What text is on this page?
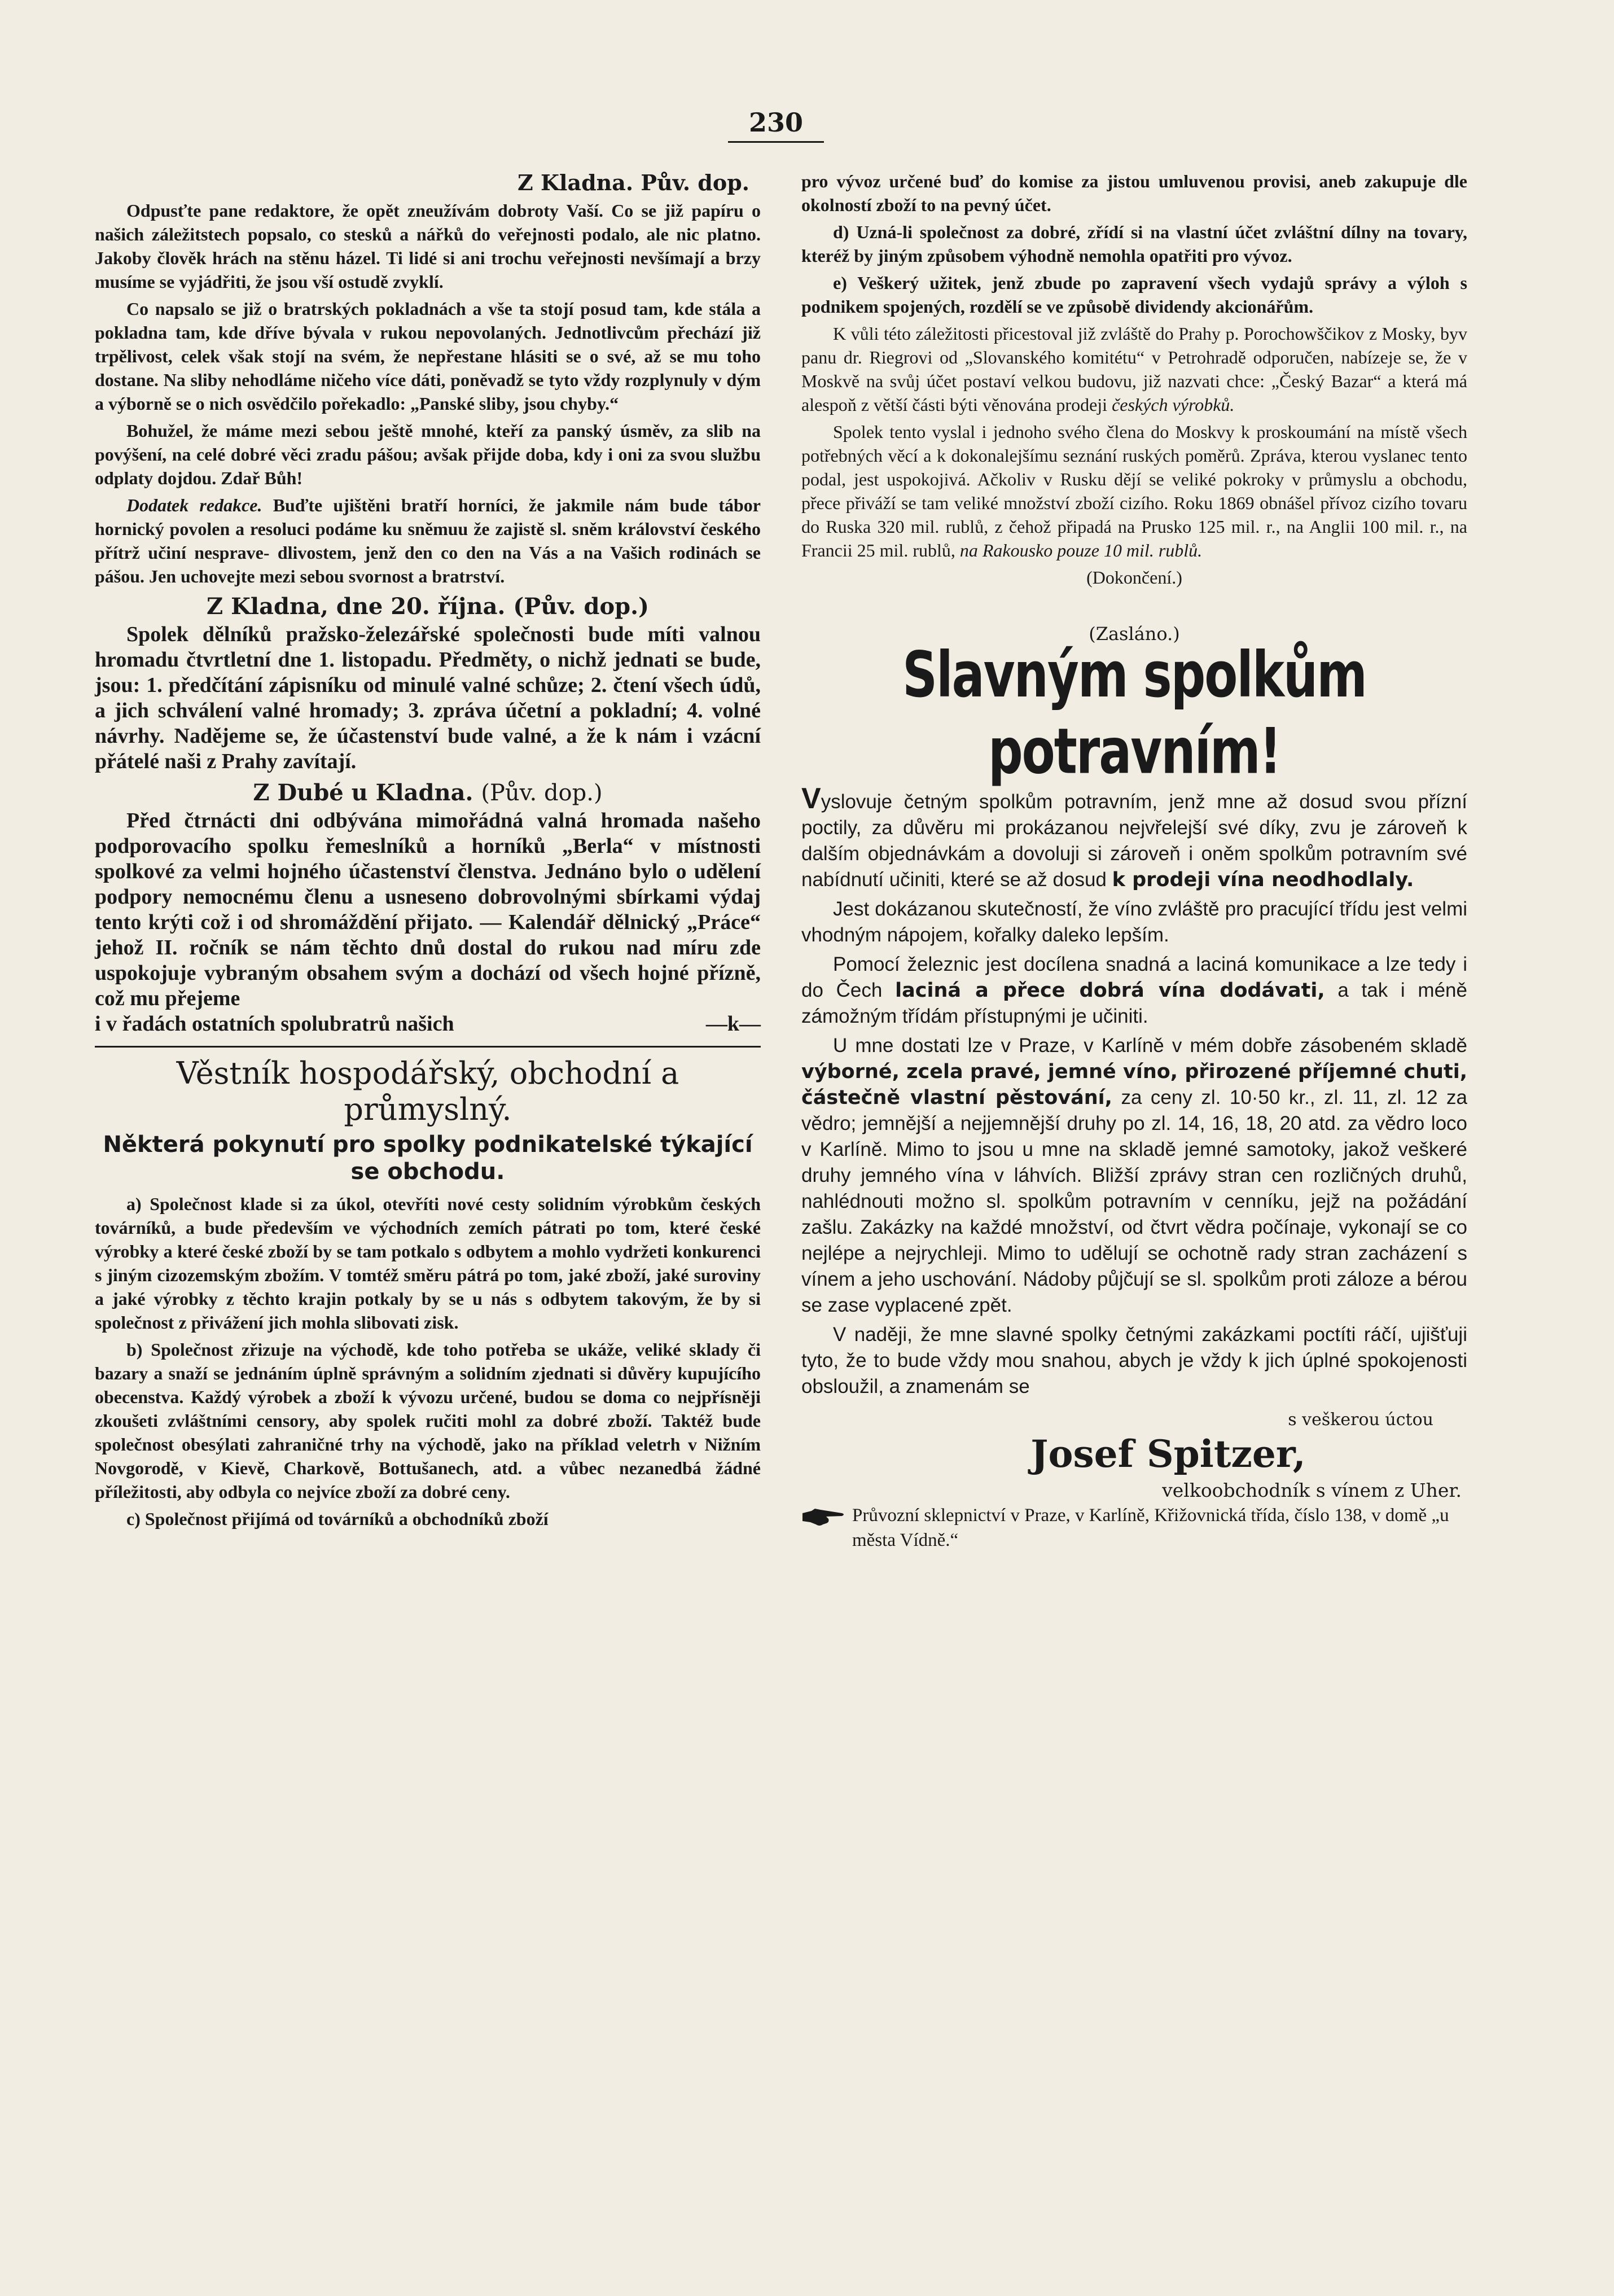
230
Z Kladna. Pův. dop.

Odpusťte pane redaktore, že opět zneužívám dobroty Vaší. Co se již papíru o našich záležitstech popsalo, co stesků a nářků do veřejnosti podalo, ale nic platno. Jakoby člověk hrách na stěnu házel. Ti lidé si ani trochu veřejnosti nevšímají a brzy musíme se vyjádřiti, že jsou vší ostudě zvyklí.

Co napsalo se již o bratrských pokladnách a vše ta stojí posud tam, kde stála a pokladna tam, kde dříve bývala v rukou nepovolaných. Jednotlivcům přechází již trpělivost, celek však stojí na svém, že nepřestane hlásiti se o své, až se mu toho dostane. Na sliby nehodláme ničeho více dáti, poněvadž se tyto vždy rozplynuly v dým a výborně se o nich osvědčilo pořekadlo: „Panské sliby, jsou chyby.“

Bohužel, že máme mezi sebou ještě mnohé, kteří za panský úsměv, za slib na povýšení, na celé dobré věci zradu pášou; avšak přijde doba, kdy i oni za svou službu odplaty dojdou. Zdař Bůh!

Dodatek redakce. Buďte ujištěni bratří horníci, že jakmile nám bude tábor hornický povolen a resoluci podáme ku sněmuu že zajistě sl. sněm království českého přítrž učiní nesprave- dlivostem, jenž den co den na Vás a na Vašich rodinách se pášou. Jen uchovejte mezi sebou svornost a bratrství.

Z Kladna, dne 20. října. (Pův. dop.)

Spolek dělníků pražsko-železářské společnosti bude míti valnou hromadu čtvrtletní dne 1. listopadu. Předměty, o nichž jednati se bude, jsou: 1. předčítání zápisníku od minulé valné schůze; 2. čtení všech údů, a jich schválení valné hromady; 3. zpráva účetní a pokladní; 4. volné návrhy. Nadějeme se, že účastenství bude valné, a že k nám i vzácní přátelé naši z Prahy zavítají.

Z Dubé u Kladna. (Pův. dop.)

Před čtrnácti dni odbývána mimořádná valná hromada našeho podporovacího spolku řemeslníků a horníků „Berla“ v místnosti spolkové za velmi hojného účastenství členstva. Jednáno bylo o udělení podpory nemocnému členu a usneseno dobrovolnými sbírkami výdaj tento krýti což i od shromáždění přijato. — Kalendář dělnický „Práce“ jehož II. ročník se nám těchto dnů dostal do rukou nad míru zde uspokojuje vybraným obsahem svým a dochází od všech hojné přízně, což mu přejeme

i v řadách ostatních spolubratrů našich	—k—
Věstník hospodářský, obchodní a průmyslný.
Některá pokynutí pro spolky podnikatelské týkající se obchodu.

a) Společnost klade si za úkol, otevříti nové cesty solidním výrobkům českých továrníků, a bude především ve východních zemích pátrati po tom, které české výrobky a které české zboží by se tam potkalo s odbytem a mohlo vydržeti konkurenci s jiným cizozemským zbožím. V tomtéž směru pátrá po tom, jaké zboží, jaké suroviny a jaké výrobky z těchto krajin potkaly by se u nás s odbytem takovým, že by si společnost z přivážení jich mohla slibovati zisk.

b) Společnost zřizuje na východě, kde toho potřeba se ukáže, veliké sklady či bazary a snaží se jednáním úplně správným a solidním zjednati si důvěry kupujícího obecenstva. Každý výrobek a zboží k vývozu určené, budou se doma co nejpřísněji zkoušeti zvláštními censory, aby spolek ručiti mohl za dobré zboží. Taktéž bude společnost obesýlati zahraničné trhy na východě, jako na příklad veletrh v Nižním Novgorodě, v Kievě, Charkově, Bottušanech, atd. a vůbec nezanedbá žádné příležitosti, aby odbyla co nejvíce zboží za dobré ceny.

c) Společnost přijímá od továrníků a obchodníků zboží

pro vývoz určené buď do komise za jistou umluvenou provisi, aneb zakupuje dle okolností zboží to na pevný účet.

d) Uzná-li společnost za dobré, zřídí si na vlastní účet zvláštní dílny na tovary, kteréž by jiným způsobem výhodně nemohla opatřiti pro vývoz.

e) Veškerý užitek, jenž zbude po zapravení všech vydajů správy a výloh s podnikem spojených, rozdělí se ve způsobě dividendy akcionářům.

K vůli této záležitosti přicestoval již zvláště do Prahy p. Porochowščikov z Mosky, byv panu dr. Riegrovi od „Slovanského komitétu“ v Petrohradě odporučen, nabízeje se, že v Moskvě na svůj účet postaví velkou budovu, již nazvati chce: „Český Bazar“ a která má alespoň z větší části býti věnována prodeji českých výrobků.

Spolek tento vyslal i jednoho svého člena do Moskvy k proskoumání na místě všech potřebných věcí a k dokonalejšímu seznání ruských poměrů. Zpráva, kterou vyslanec tento podal, jest uspokojivá. Ačkoliv v Rusku dějí se veliké pokroky v průmyslu a obchodu, přece přiváží se tam veliké množství zboží cizího. Roku 1869 obnášel přívoz cizího tovaru do Ruska 320 mil. rublů, z čehož připadá na Prusko 125 mil. r., na Anglii 100 mil. r., na Francii 25 mil. rublů, na Rakousko pouze 10 mil. rublů.

(Dokončení.)
(Zasláno.)
Slavným spolkům potravním!

Vyslovuje četným spolkům potravním, jenž mne až dosud svou přízní poctily, za důvěru mi prokázanou nejvřelejší své díky, zvu je zároveň k dalším objednávkám a dovoluji si zároveň i oněm spolkům potravním své nabídnutí učiniti, které se až dosud k prodeji vína neodhodlaly.

Jest dokázanou skutečností, že víno zvláště pro pracující třídu jest velmi vhodným nápojem, kořalky daleko lepším.

Pomocí železnic jest docílena snadná a laciná komunikace a lze tedy i do Čech laciná a přece dobrá vína dodávati, a tak i méně zámožným třídám přístupnými je učiniti.

U mne dostati lze v Praze, v Karlíně v mém dobře zásobeném skladě výborné, zcela pravé, jemné víno, přirozené příjemné chuti, částečně vlastní pěstování, za ceny zl. 10·50 kr., zl. 11, zl. 12 za vědro; jemnější a nejjemnější druhy po zl. 14, 16, 18, 20 atd. za vědro loco v Karlíně. Mimo to jsou u mne na skladě jemné samotoky, jakož veškeré druhy jemného vína v láhvích. Bližší zprávy stran cen rozličných druhů, nahlédnouti možno sl. spolkům potravním v cenníku, jejž na požádání zašlu. Zakázky na každé množství, od čtvrt vědra počínaje, vykonají se co nejlépe a nejrychleji. Mimo to udělují se ochotně rady stran zacházení s vínem a jeho uschování. Nádoby půjčují se sl. spolkům proti záloze a bérou se zase vyplacené zpět.

V naději, že mne slavné spolky četnými zakázkami poctíti ráčí, ujišťuji tyto, že to bude vždy mou snahou, abych je vždy k jich úplné spokojenosti obsloužil, a znamenám se

s veškerou úctou
Josef Spitzer,
velkoobchodník s vínem z Uher.
Průvozní sklepnictví v Praze, v Karlíně, Křižovnická třída, číslo 138, v domě „u města Vídně.“
